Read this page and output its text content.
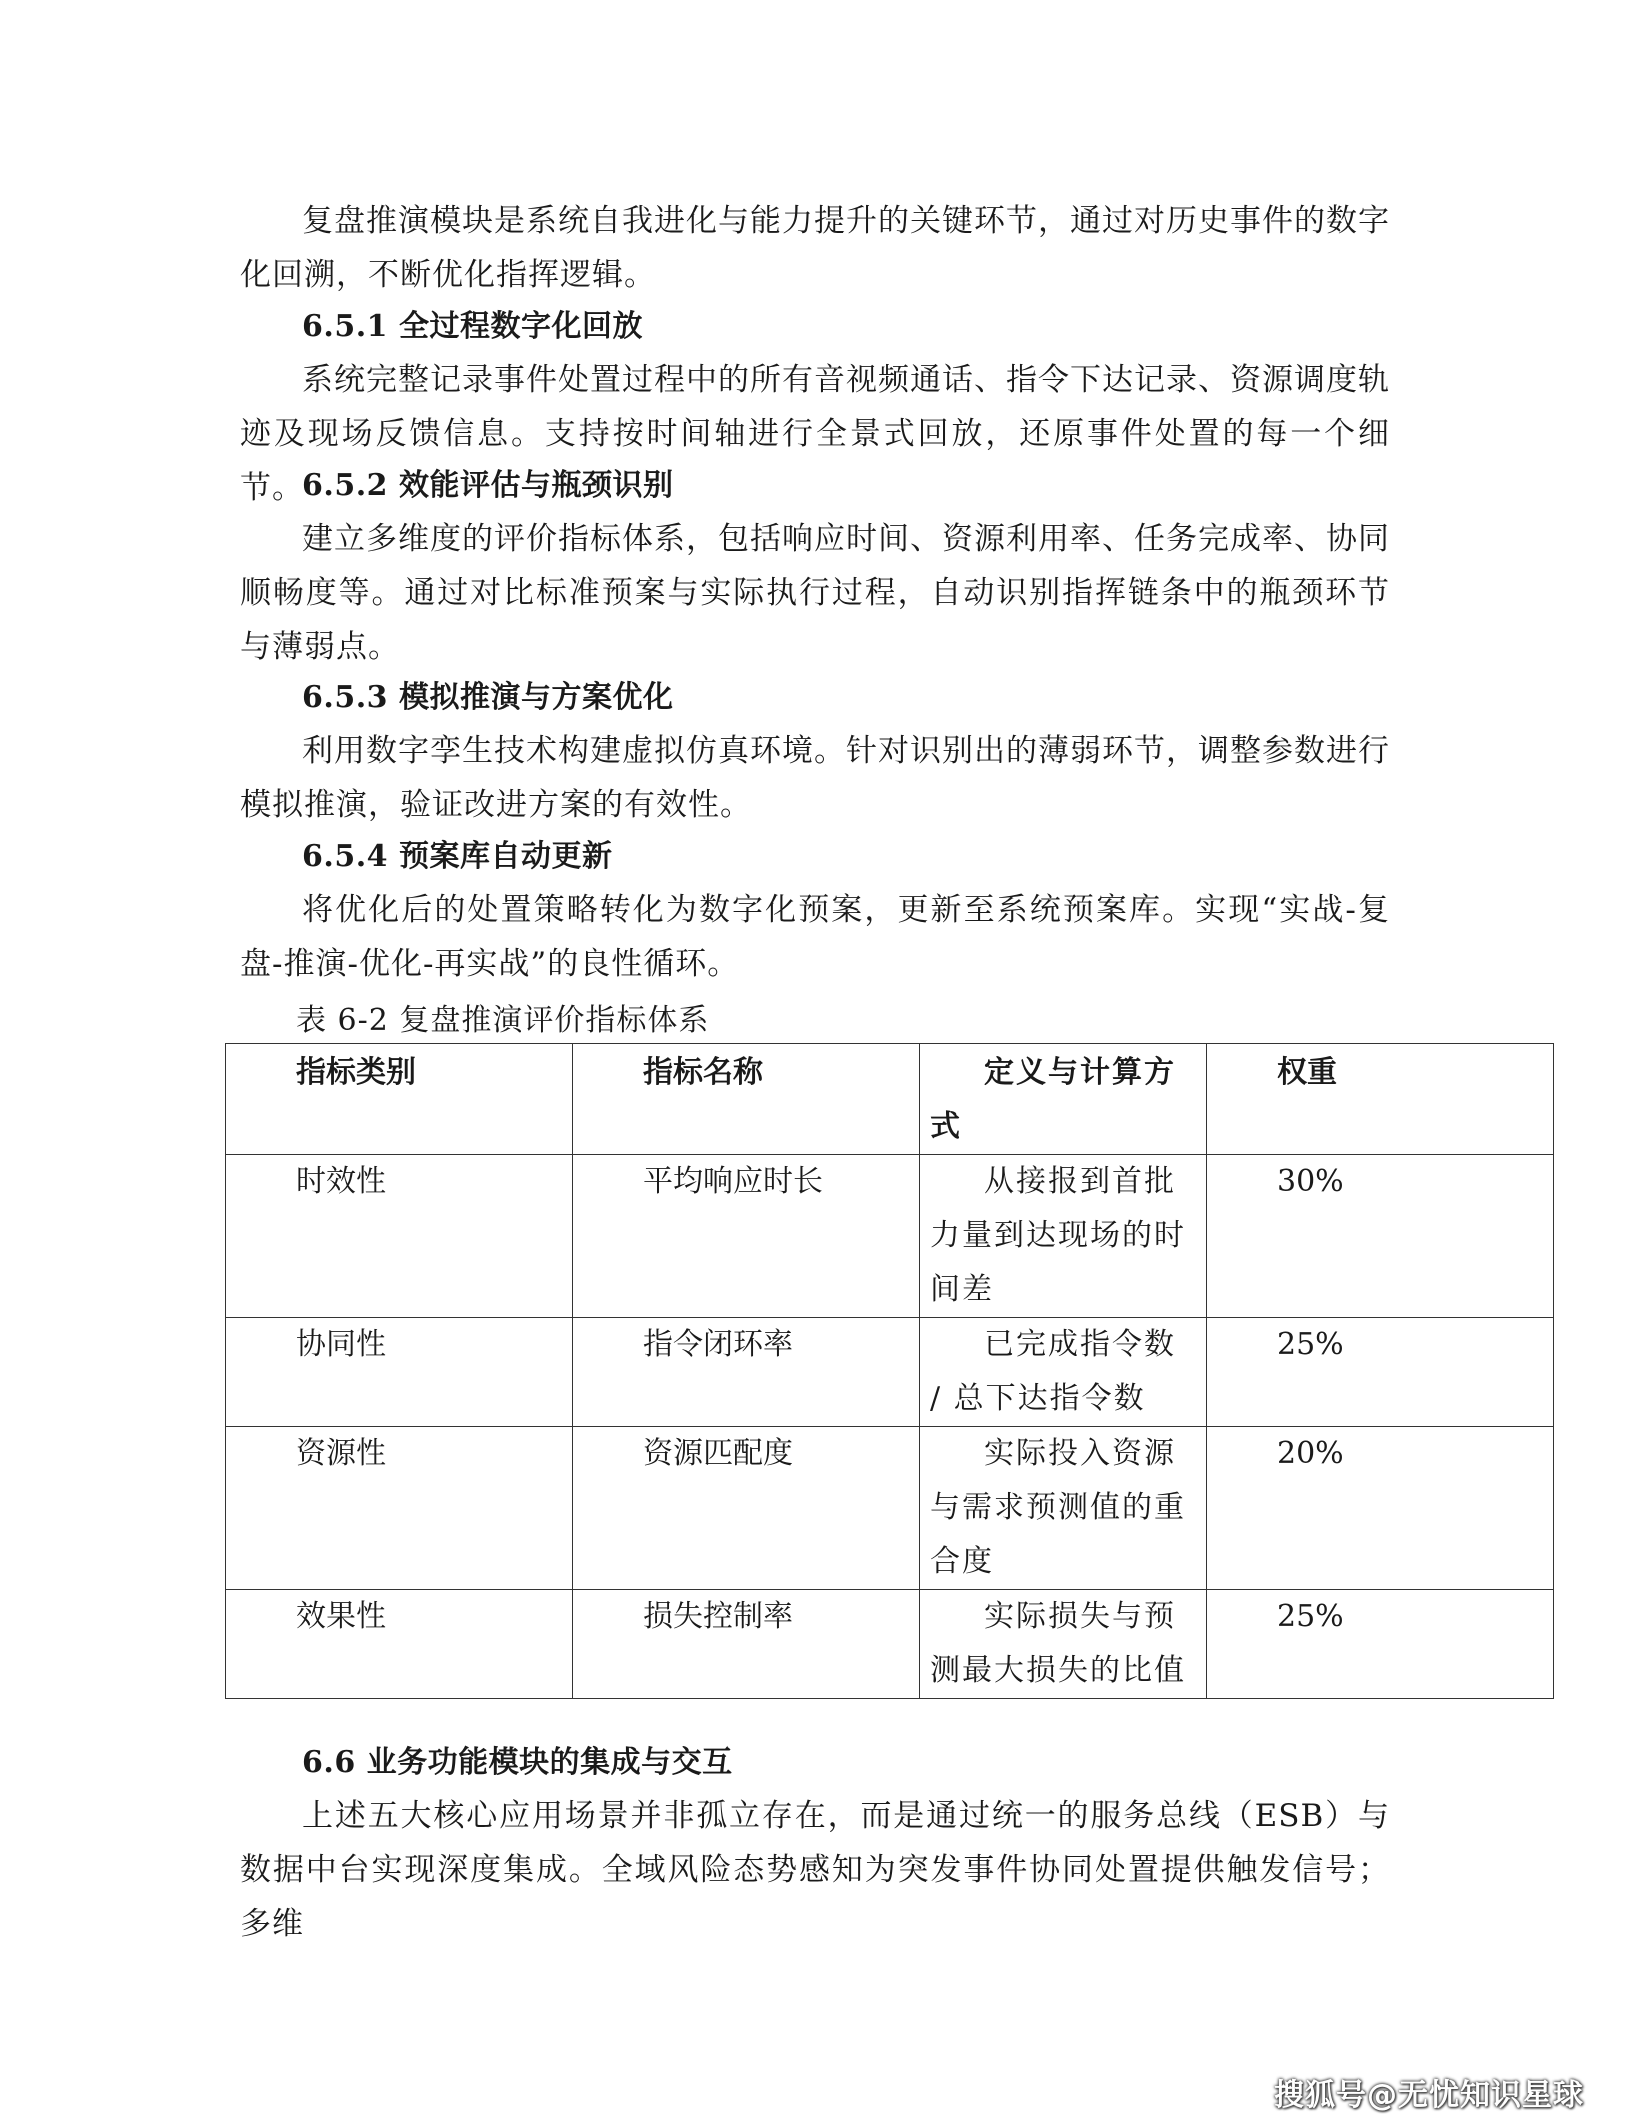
复盘推演模块是系统自我进化与能力提升的关键环节，通过对历史事件的数字化回溯，不断优化指挥逻辑。

6.5.1 全过程数字化回放

系统完整记录事件处置过程中的所有音视频通话、指令下达记录、资源调度轨迹及现场反馈信息。支持按时间轴进行全景式回放，还原事件处置的每一个细节。

6.5.2 效能评估与瓶颈识别

建立多维度的评价指标体系，包括响应时间、资源利用率、任务完成率、协同顺畅度等。通过对比标准预案与实际执行过程，自动识别指挥链条中的瓶颈环节与薄弱点。

6.5.3 模拟推演与方案优化

利用数字孪生技术构建虚拟仿真环境。针对识别出的薄弱环节，调整参数进行模拟推演，验证改进方案的有效性。

6.5.4 预案库自动更新

将优化后的处置策略转化为数字化预案，更新至系统预案库。实现“实战-复盘-推演-优化-再实战”的良性循环。

表 6-2 复盘推演评价指标体系

指标类别	指标名称	定义与计算方式	权重
时效性	平均响应时长	从接报到首批力量到达现场的时间差	30%
协同性	指令闭环率	已完成指令数 / 总下达指令数	25%
资源性	资源匹配度	实际投入资源与需求预测值的重合度	20%
效果性	损失控制率	实际损失与预测最大损失的比值	25%
6.6 业务功能模块的集成与交互

上述五大核心应用场景并非孤立存在，而是通过统一的服务总线（ESB）与数据中台实现深度集成。全域风险态势感知为突发事件协同处置提供触发信号；多维

搜狐号@无忧知识星球
